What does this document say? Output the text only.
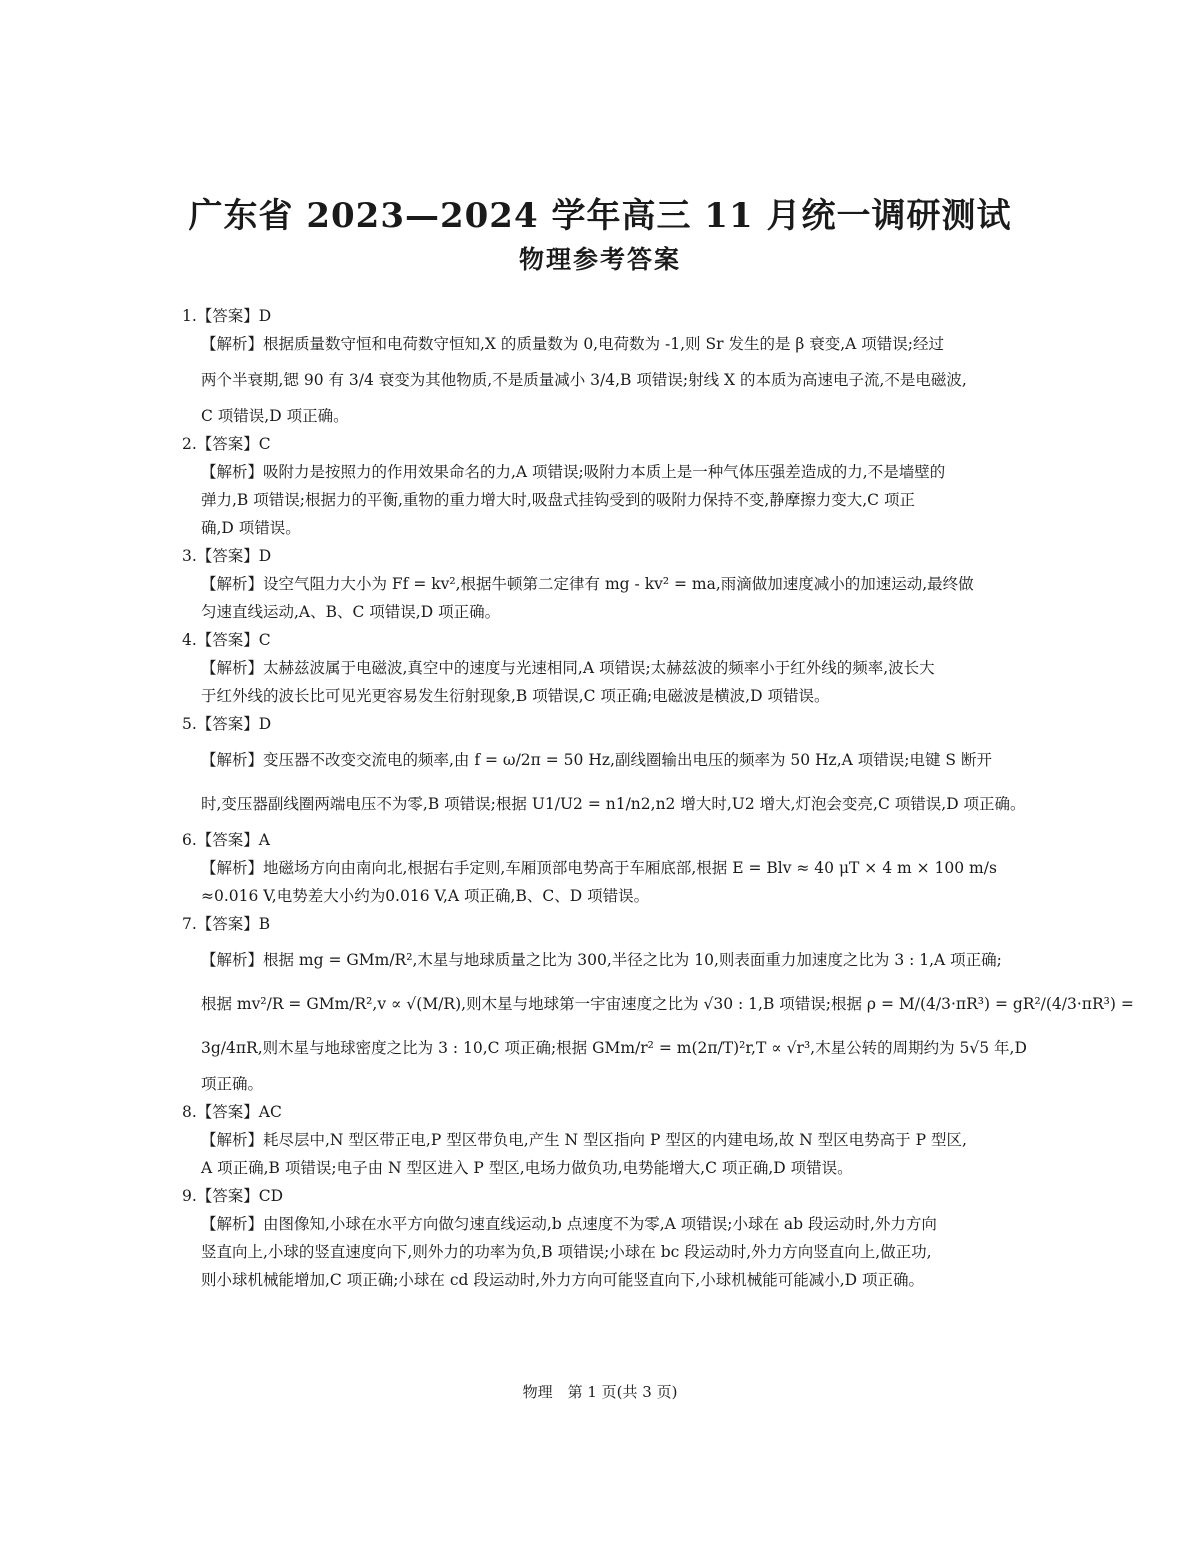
广东省 2023—2024 学年高三 11 月统一调研测试
物理参考答案
1.【答案】D
【解析】根据质量数守恒和电荷数守恒知,X 的质量数为 0,电荷数为 -1,则 Sr 发生的是 β 衰变,A 项错误;经过
两个半衰期,锶 90 有 3/4 衰变为其他物质,不是质量减小 3/4,B 项错误;射线 X 的本质为高速电子流,不是电磁波,
C 项错误,D 项正确。
2.【答案】C
【解析】吸附力是按照力的作用效果命名的力,A 项错误;吸附力本质上是一种气体压强差造成的力,不是墙壁的
弹力,B 项错误;根据力的平衡,重物的重力增大时,吸盘式挂钩受到的吸附力保持不变,静摩擦力变大,C 项正
确,D 项错误。
3.【答案】D
【解析】设空气阻力大小为 Ff = kv²,根据牛顿第二定律有 mg - kv² = ma,雨滴做加速度减小的加速运动,最终做
匀速直线运动,A、B、C 项错误,D 项正确。
4.【答案】C
【解析】太赫兹波属于电磁波,真空中的速度与光速相同,A 项错误;太赫兹波的频率小于红外线的频率,波长大
于红外线的波长比可见光更容易发生衍射现象,B 项错误,C 项正确;电磁波是横波,D 项错误。
5.【答案】D
【解析】变压器不改变交流电的频率,由 f = ω/2π = 50 Hz,副线圈输出电压的频率为 50 Hz,A 项错误;电键 S 断开
时,变压器副线圈两端电压不为零,B 项错误;根据 U1/U2 = n1/n2,n2 增大时,U2 增大,灯泡会变亮,C 项错误,D 项正确。
6.【答案】A
【解析】地磁场方向由南向北,根据右手定则,车厢顶部电势高于车厢底部,根据 E = Blv ≈ 40 μT × 4 m × 100 m/s
≈0.016 V,电势差大小约为0.016 V,A 项正确,B、C、D 项错误。
7.【答案】B
【解析】根据 mg = GMm/R²,木星与地球质量之比为 300,半径之比为 10,则表面重力加速度之比为 3 : 1,A 项正确;
根据 mv²/R = GMm/R²,v ∝ √(M/R),则木星与地球第一宇宙速度之比为 √30 : 1,B 项错误;根据 ρ = M/(4/3·πR³) = gR²/(4/3·πR³) =
3g/4πR,则木星与地球密度之比为 3 : 10,C 项正确;根据 GMm/r² = m(2π/T)²r,T ∝ √r³,木星公转的周期约为 5√5 年,D
项正确。
8.【答案】AC
【解析】耗尽层中,N 型区带正电,P 型区带负电,产生 N 型区指向 P 型区的内建电场,故 N 型区电势高于 P 型区,
A 项正确,B 项错误;电子由 N 型区进入 P 型区,电场力做负功,电势能增大,C 项正确,D 项错误。
9.【答案】CD
【解析】由图像知,小球在水平方向做匀速直线运动,b 点速度不为零,A 项错误;小球在 ab 段运动时,外力方向
竖直向上,小球的竖直速度向下,则外力的功率为负,B 项错误;小球在 bc 段运动时,外力方向竖直向上,做正功,
则小球机械能增加,C 项正确;小球在 cd 段运动时,外力方向可能竖直向下,小球机械能可能减小,D 项正确。
物理　第 1 页(共 3 页)
